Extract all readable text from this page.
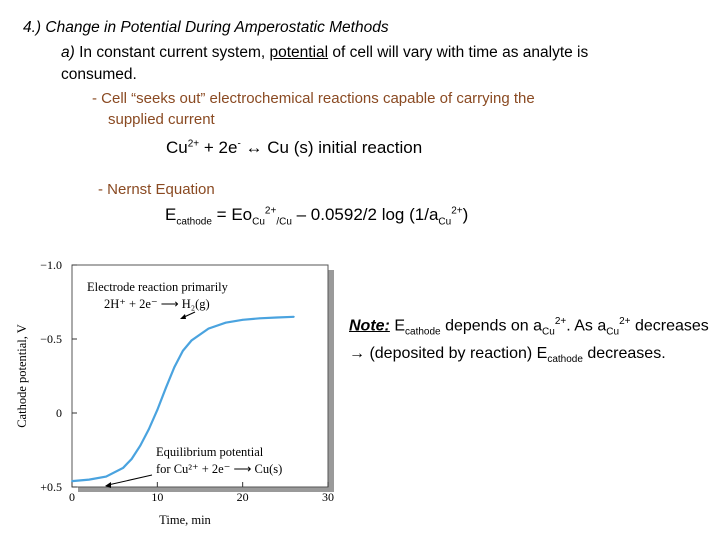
4.) Change in Potential During Amperostatic Methods
a) In constant current system, potential of cell will vary with time as analyte is consumed.
- Cell “seeks out” electrochemical reactions capable of carrying the
supplied current
$Cu^{2+} + 2e^-$ ↔ Cu (s) initial reaction
- Nernst Equation
$E_{cathode} = Eo_{Cu}^{2+}_{/Cu} - 0.0592/2$ $\log (1/a_{Cu}^{2+})$
0	10	20	30
−1.0
−0.5
0
+0.5
Time, min
Cathode potential, V
Electrode reaction primarily
2H⁺ + 2e⁻ ⟶ H₂(g)
Equilibrium potential
for Cu²⁺ + 2e⁻ ⟶ Cu(s)
Note: $E_{cathode}$ depends on $a_{Cu}^{2+}$. As $a_{Cu}^{2+}$ decreases → (deposited by reaction) $E_{cathode}$ decreases.
